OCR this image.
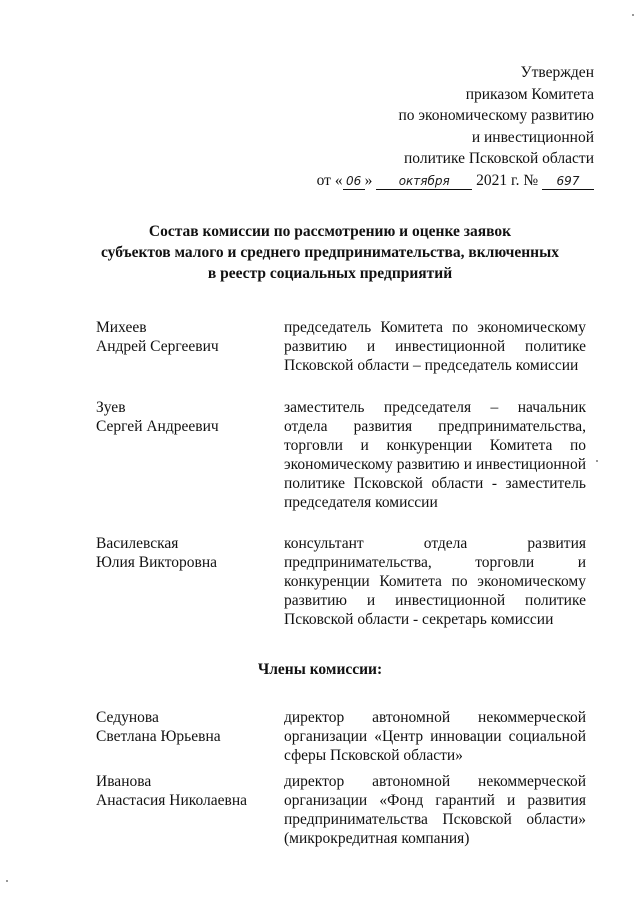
Утвержден
приказом Комитета
по экономическому развитию
и инвестиционной
политике Псковской области
от « 06 » октября 2021 г. № 697
Состав комиссии по рассмотрению и оценке заявок
субъектов малого и среднего предпринимательства, включенных
в реестр социальных предприятий
Михеев
Андрей Сергеевич
председатель Комитета по экономическому развитию и инвестиционной политике Псковской области – председатель комиссии
Зуев
Сергей Андреевич
заместитель председателя – начальник отдела развития предпринимательства, торговли и конкуренции Комитета по экономическому развитию и инвестиционной политике Псковской области - заместитель председателя комиссии
Василевская
Юлия Викторовна
консультант отдела развития предпринимательства, торговли и конкуренции Комитета по экономическому развитию и инвестиционной политике Псковской области - секретарь комиссии
Члены комиссии:
Седунова
Светлана Юрьевна
директор автономной некоммерческой организации «Центр инновации социальной сферы Псковской области»
Иванова
Анастасия Николаевна
директор автономной некоммерческой организации «Фонд гарантий и развития предпринимательства Псковской области» (микрокредитная компания)
